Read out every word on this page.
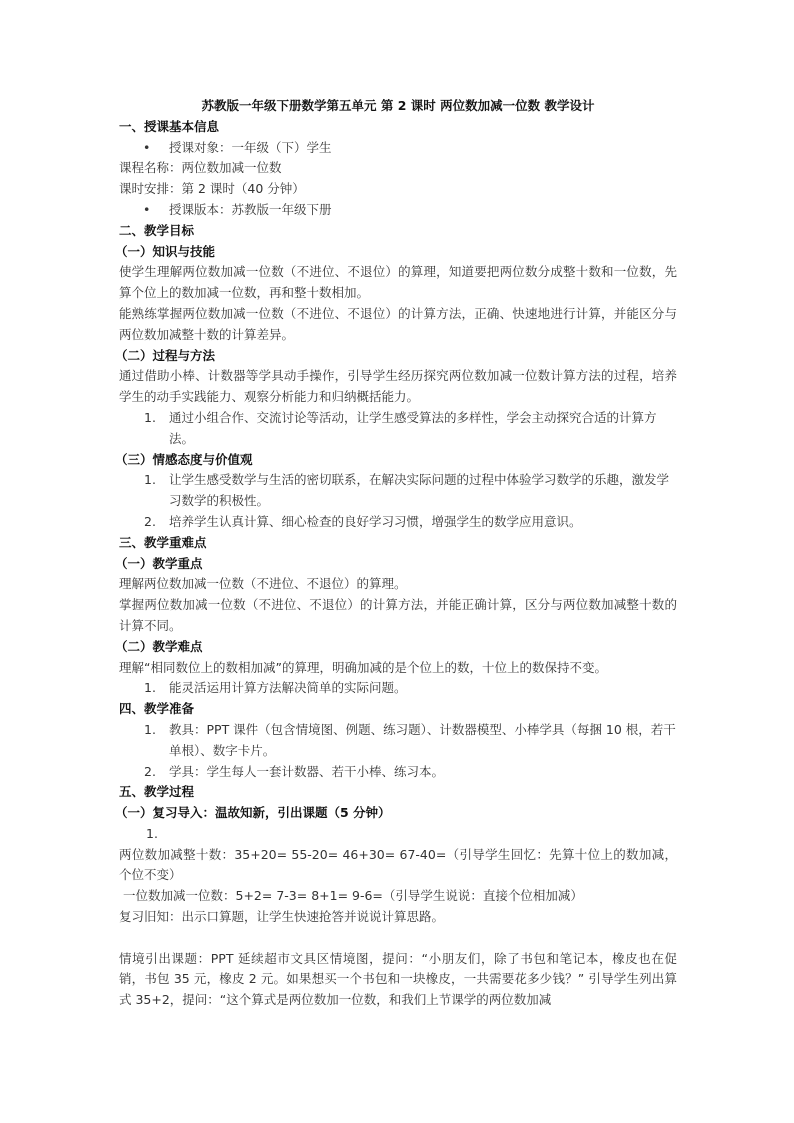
苏教版一年级下册数学第五单元 第 2 课时 两位数加减一位数 教学设计
一、授课基本信息
• 授课对象：一年级（下）学生
课程名称：两位数加减一位数
课时安排：第 2 课时（40 分钟）
• 授课版本：苏教版一年级下册
二、教学目标
（一）知识与技能
使学生理解两位数加减一位数（不进位、不退位）的算理，知道要把两位数分成整十数和一位数，先算个位上的数加减一位数，再和整十数相加。
能熟练掌握两位数加减一位数（不进位、不退位）的计算方法，正确、快速地进行计算，并能区分与两位数加减整十数的计算差异。
（二）过程与方法
通过借助小棒、计数器等学具动手操作，引导学生经历探究两位数加减一位数计算方法的过程，培养学生的动手实践能力、观察分析能力和归纳概括能力。
1. 通过小组合作、交流讨论等活动，让学生感受算法的多样性，学会主动探究合适的计算方法。
（三）情感态度与价值观
1. 让学生感受数学与生活的密切联系，在解决实际问题的过程中体验学习数学的乐趣，激发学习数学的积极性。
2. 培养学生认真计算、细心检查的良好学习习惯，增强学生的数学应用意识。
三、教学重难点
（一）教学重点
理解两位数加减一位数（不进位、不退位）的算理。
掌握两位数加减一位数（不进位、不退位）的计算方法，并能正确计算，区分与两位数加减整十数的计算不同。
（二）教学难点
理解“相同数位上的数相加减”的算理，明确加减的是个位上的数，十位上的数保持不变。
1. 能灵活运用计算方法解决简单的实际问题。
四、教学准备
1. 教具：PPT 课件（包含情境图、例题、练习题）、计数器模型、小棒学具（每捆 10 根，若干单根）、数字卡片。
2. 学具：学生每人一套计数器、若干小棒、练习本。
五、教学过程
（一）复习导入：温故知新，引出课题（5 分钟）
1.
两位数加减整十数：35+20= 55-20= 46+30= 67-40=（引导学生回忆：先算十位上的数加减，个位不变）
一位数加减一位数：5+2= 7-3= 8+1= 9-6=（引导学生说说：直接个位相加减）
复习旧知：出示口算题，让学生快速抢答并说说计算思路。
情境引出课题：PPT 延续超市文具区情境图，提问：“小朋友们，除了书包和笔记本，橡皮也在促销，书包 35 元，橡皮 2 元。如果想买一个书包和一块橡皮，一共需要花多少钱？” 引导学生列出算式 35+2，提问：“这个算式是两位数加一位数，和我们上节课学的两位数加减
